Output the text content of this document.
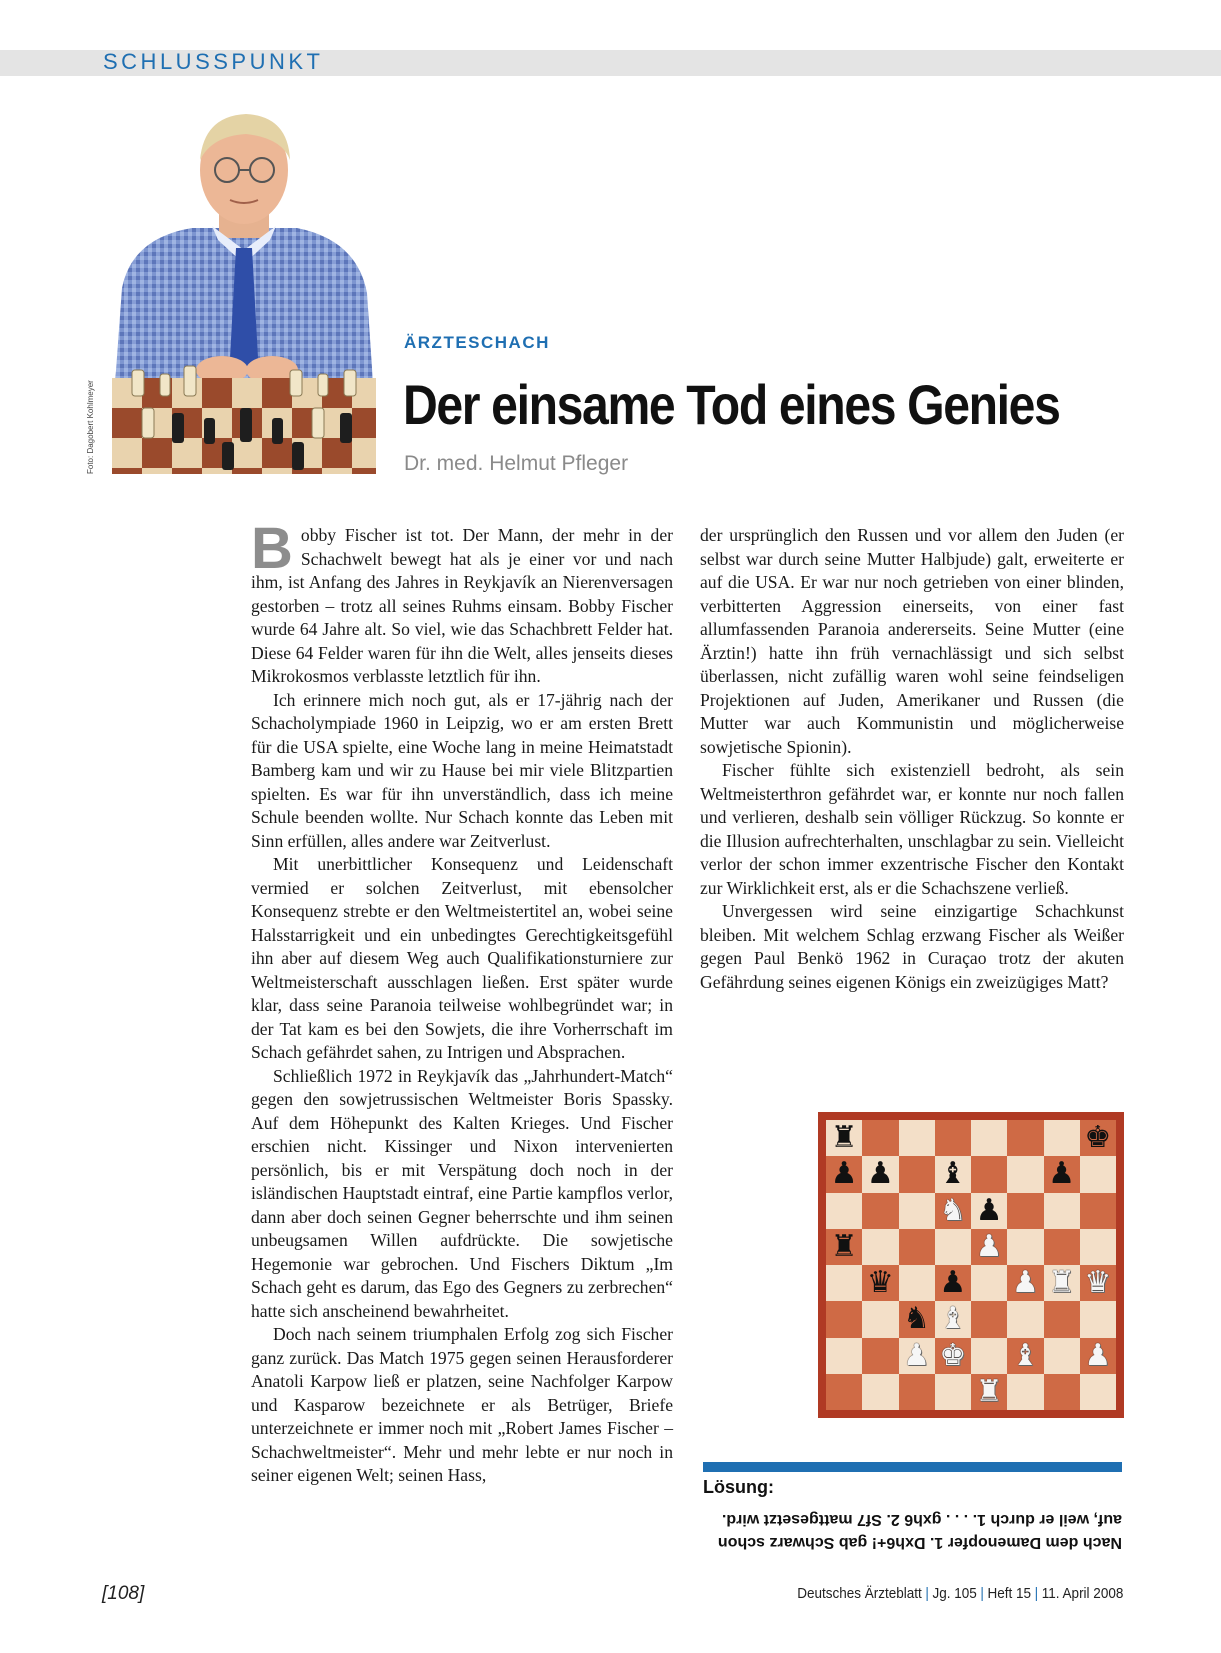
SCHLUSSPUNKT
Foto: Dagobert Kohlmeyer
ÄRZTESCHACH
Der einsame Tod eines Genies
Dr. med. Helmut Pfleger

Bobby Fischer ist tot. Der Mann, der mehr in der Schachwelt bewegt hat als je einer vor und nach ihm, ist Anfang des Jahres in Reykjavík an Nierenversagen gestorben – trotz all seines Ruhms einsam. Bobby Fischer wurde 64 Jahre alt. So viel, wie das Schachbrett Felder hat. Diese 64 Felder waren für ihn die Welt, alles jenseits dieses Mikrokosmos verblasste letztlich für ihn.

Ich erinnere mich noch gut, als er 17-jährig nach der Schacholympiade 1960 in Leipzig, wo er am ersten Brett für die USA spielte, eine Woche lang in meine Heimatstadt Bamberg kam und wir zu Hause bei mir viele Blitzpartien spielten. Es war für ihn unverständlich, dass ich meine Schule beenden wollte. Nur Schach konnte das Leben mit Sinn erfüllen, alles andere war Zeitverlust.

Mit unerbittlicher Konsequenz und Leidenschaft vermied er solchen Zeitverlust, mit ebensolcher Konsequenz strebte er den Weltmeistertitel an, wobei seine Halsstarrigkeit und ein unbedingtes Gerechtigkeitsgefühl ihn aber auf diesem Weg auch Qualifikationsturniere zur Weltmeisterschaft ausschlagen ließen. Erst später wurde klar, dass seine Paranoia teilweise wohlbegründet war; in der Tat kam es bei den Sowjets, die ihre Vorherrschaft im Schach gefährdet sahen, zu Intrigen und Absprachen.

Schließlich 1972 in Reykjavík das „Jahrhundert-Match“ gegen den sowjetrussischen Weltmeister Boris Spassky. Auf dem Höhepunkt des Kalten Krieges. Und Fischer erschien nicht. Kissinger und Nixon intervenierten persönlich, bis er mit Verspätung doch noch in der isländischen Hauptstadt eintraf, eine Partie kampflos verlor, dann aber doch seinen Gegner beherrschte und ihm seinen unbeugsamen Willen aufdrückte. Die sowjetische Hegemonie war gebrochen. Und Fischers Diktum „Im Schach geht es darum, das Ego des Gegners zu zerbrechen“ hatte sich anscheinend bewahrheitet.

Doch nach seinem triumphalen Erfolg zog sich Fischer ganz zurück. Das Match 1975 gegen seinen Herausforderer Anatoli Karpow ließ er platzen, seine Nachfolger Karpow und Kasparow bezeichnete er als Betrüger, Briefe unterzeichnete er immer noch mit „Robert James Fischer – Schachweltmeister“. Mehr und mehr lebte er nur noch in seiner eigenen Welt; seinen Hass,

der ursprünglich den Russen und vor allem den Juden (er selbst war durch seine Mutter Halbjude) galt, erweiterte er auf die USA. Er war nur noch getrieben von einer blinden, verbitterten Aggression einerseits, von einer fast allumfassenden Paranoia andererseits. Seine Mutter (eine Ärztin!) hatte ihn früh vernachlässigt und sich selbst überlassen, nicht zufällig waren wohl seine feindseligen Projektionen auf Juden, Amerikaner und Russen (die Mutter war auch Kommunistin und möglicherweise sowjetische Spionin).

Fischer fühlte sich existenziell bedroht, als sein Weltmeisterthron gefährdet war, er konnte nur noch fallen und verlieren, deshalb sein völliger Rückzug. So konnte er die Illusion aufrechterhalten, unschlagbar zu sein. Vielleicht verlor der schon immer exzentrische Fischer den Kontakt zur Wirklichkeit erst, als er die Schachszene verließ.

Unvergessen wird seine einzigartige Schachkunst bleiben. Mit welchem Schlag erzwang Fischer als Weißer gegen Paul Benkö 1962 in Curaçao trotz der akuten Gefährdung seines eigenen Königs ein zweizügiges Matt?

♜	♚
♟ ♟ ♝	♟
♞ ♟
♜	♟
♛ ♟ ♟ ♜ ♛
♞ ♝
♟ ♚ ♝ ♟
♜
Lösung:
Nach dem Damenopfer 1. Dxh6+! gab Schwarz schon auf, weil er durch 1. . . . gxh6 2. Sf7 mattgesetzt wird.
[108]	Deutsches Ärzteblatt | Jg. 105 | Heft 15 | 11. April 2008
